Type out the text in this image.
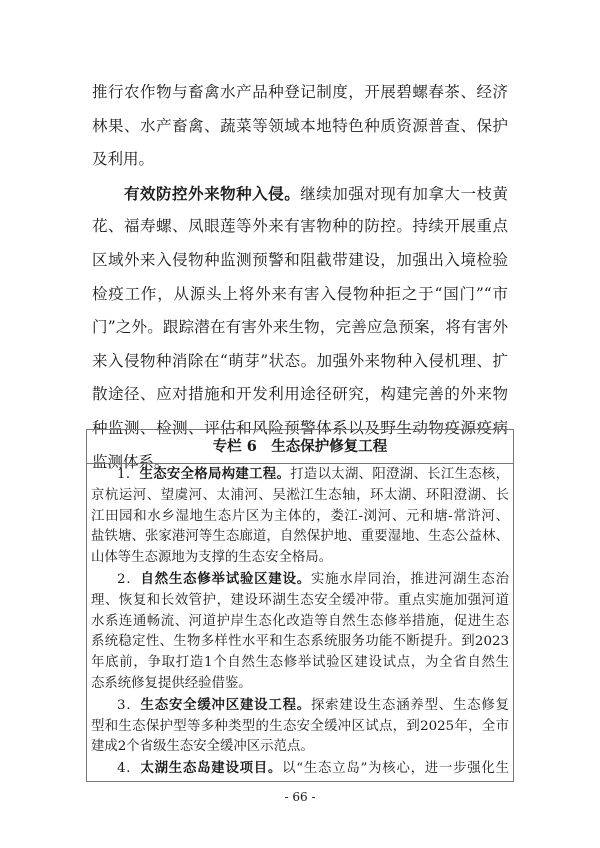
推行农作物与畜禽水产品种登记制度，开展碧螺春茶、经济
林果、水产畜禽、蔬菜等领域本地特色种质资源普查、保护
及利用。
有效防控外来物种入侵。继续加强对现有加拿大一枝黄
花、福寿螺、凤眼莲等外来有害物种的防控。持续开展重点
区域外来入侵物种监测预警和阻截带建设，加强出入境检验
检疫工作，从源头上将外来有害入侵物种拒之于“国门”“市
门”之外。跟踪潜在有害外来生物，完善应急预案，将有害外
来入侵物种消除在“萌芽”状态。加强外来物种入侵机理、扩
散途径、应对措施和开发利用途径研究，构建完善的外来物
种监测、检测、评估和风险预警体系以及野生动物疫源疫病
监测体系。
专栏 6　生态保护修复工程
1．生态安全格局构建工程。打造以太湖、阳澄湖、长江生态核，
京杭运河、望虞河、太浦河、吴淞江生态轴，环太湖、环阳澄湖、长
江田园和水乡湿地生态片区为主体的，娄江-浏河、元和塘-常浒河、
盐铁塘、张家港河等生态廊道，自然保护地、重要湿地、生态公益林、
山体等生态源地为支撑的生态安全格局。
2．自然生态修举试验区建设。实施水岸同治，推进河湖生态治
理、恢复和长效管护，建设环湖生态安全缓冲带。重点实施加强河道
水系连通畅流、河道护岸生态化改造等自然生态修举措施，促进生态
系统稳定性、生物多样性水平和生态系统服务功能不断提升。到2023
年底前，争取打造1个自然生态修举试验区建设试点，为全省自然生
态系统修复提供经验借鉴。
3．生态安全缓冲区建设工程。探索建设生态涵养型、生态修复
型和生态保护型等多种类型的生态安全缓冲区试点，到2025年，全市
建成2个省级生态安全缓冲区示范点。
4．太湖生态岛建设项目。以“生态立岛”为核心，进一步强化生
- 66 -
